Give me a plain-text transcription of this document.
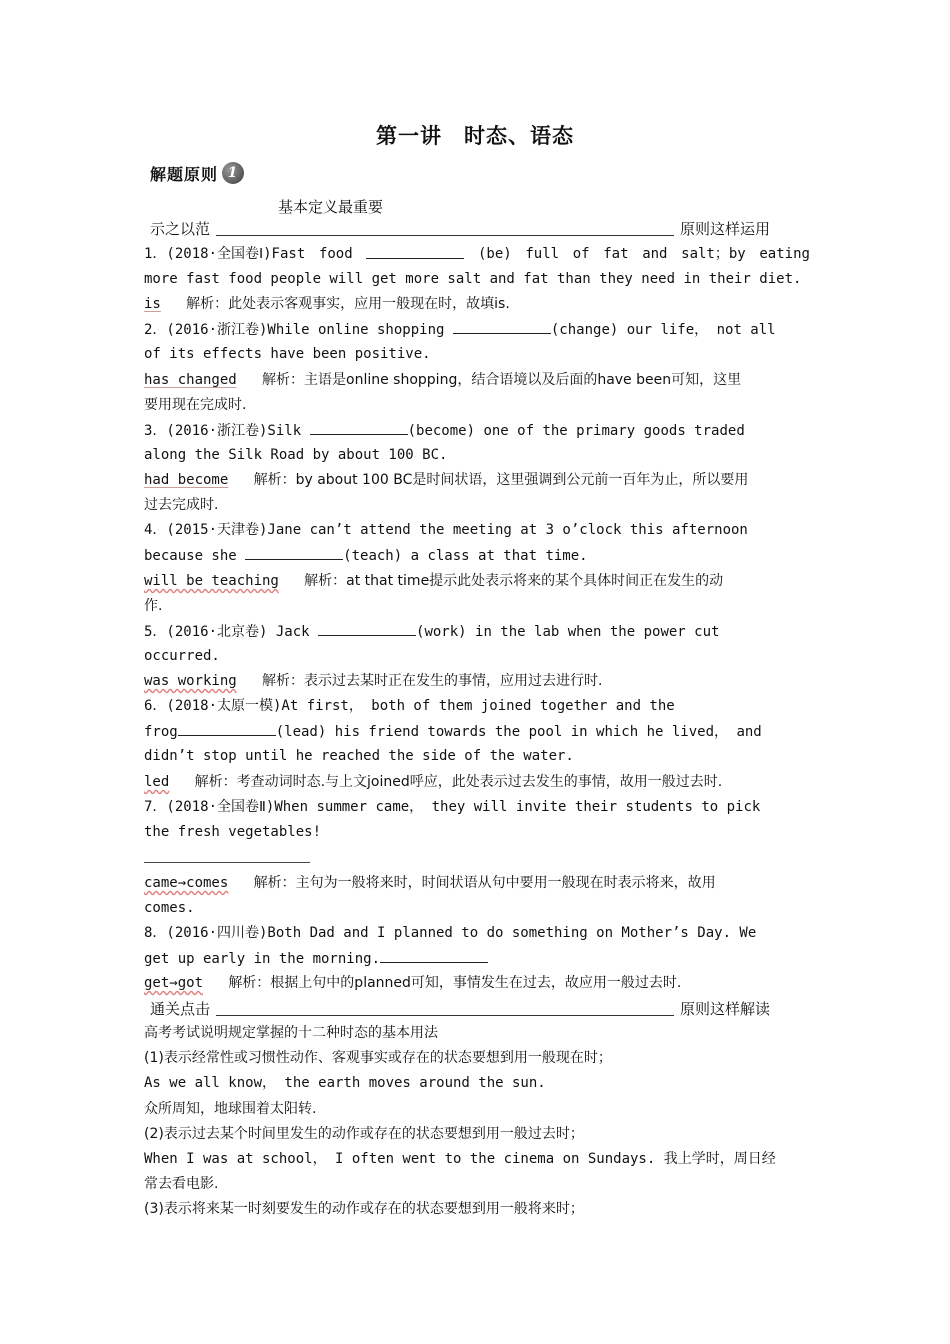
第一讲　时态、语态
解题原则 1
基本定义最重要
示之以范	原则这样运用
1．(2018·全国卷Ⅰ)Fast food	(be) full of fat and salt；by eating
more fast food people will get more salt and fat than they need in their diet.
is 解析：此处表示客观事实，应用一般现在时，故填is.
2．(2016·浙江卷)While online shopping	(change) our life， not all
of its effects have been positive.
has changed 解析：主语是online shopping，结合语境以及后面的have been可知，这里
要用现在完成时.
3．(2016·浙江卷)Silk	(become) one of the primary goods traded
along the Silk Road by about 100 BC.
had become 解析：by about 100 BC是时间状语，这里强调到公元前一百年为止，所以要用
过去完成时.
4．(2015·天津卷)Jane can’t attend the meeting at 3 o’clock this afternoon
because she	(teach) a class at that time.
will be teaching 解析：at that time提示此处表示将来的某个具体时间正在发生的动
作.
5．(2016·北京卷) Jack	(work) in the lab when the power cut
occurred.
was working 解析：表示过去某时正在发生的事情，应用过去进行时.
6．(2018·太原一模)At first， both of them joined together and the
frog	(lead) his friend towards the pool in which he lived， and
didn’t stop until he reached the side of the water.
led 解析：考查动词时态.与上文joined呼应，此处表示过去发生的事情，故用一般过去时.
7．(2018·全国卷Ⅱ)When summer came， they will invite their students to pick
the fresh vegetables!
came→comes 解析：主句为一般将来时，时间状语从句中要用一般现在时表示将来，故用
comes.
8．(2016·四川卷)Both Dad and I planned to do something on Mother’s Day. We
get up early in the morning.
get→got 解析：根据上句中的planned可知，事情发生在过去，故应用一般过去时.
通关点击	原则这样解读
高考考试说明规定掌握的十二种时态的基本用法
(1)表示经常性或习惯性动作、客观事实或存在的状态要想到用一般现在时；
As we all know， the earth moves around the sun.
众所周知，地球围着太阳转.
(2)表示过去某个时间里发生的动作或存在的状态要想到用一般过去时；
When I was at school， I often went to the cinema on Sundays. 我上学时，周日经
常去看电影.
(3)表示将来某一时刻要发生的动作或存在的状态要想到用一般将来时；
